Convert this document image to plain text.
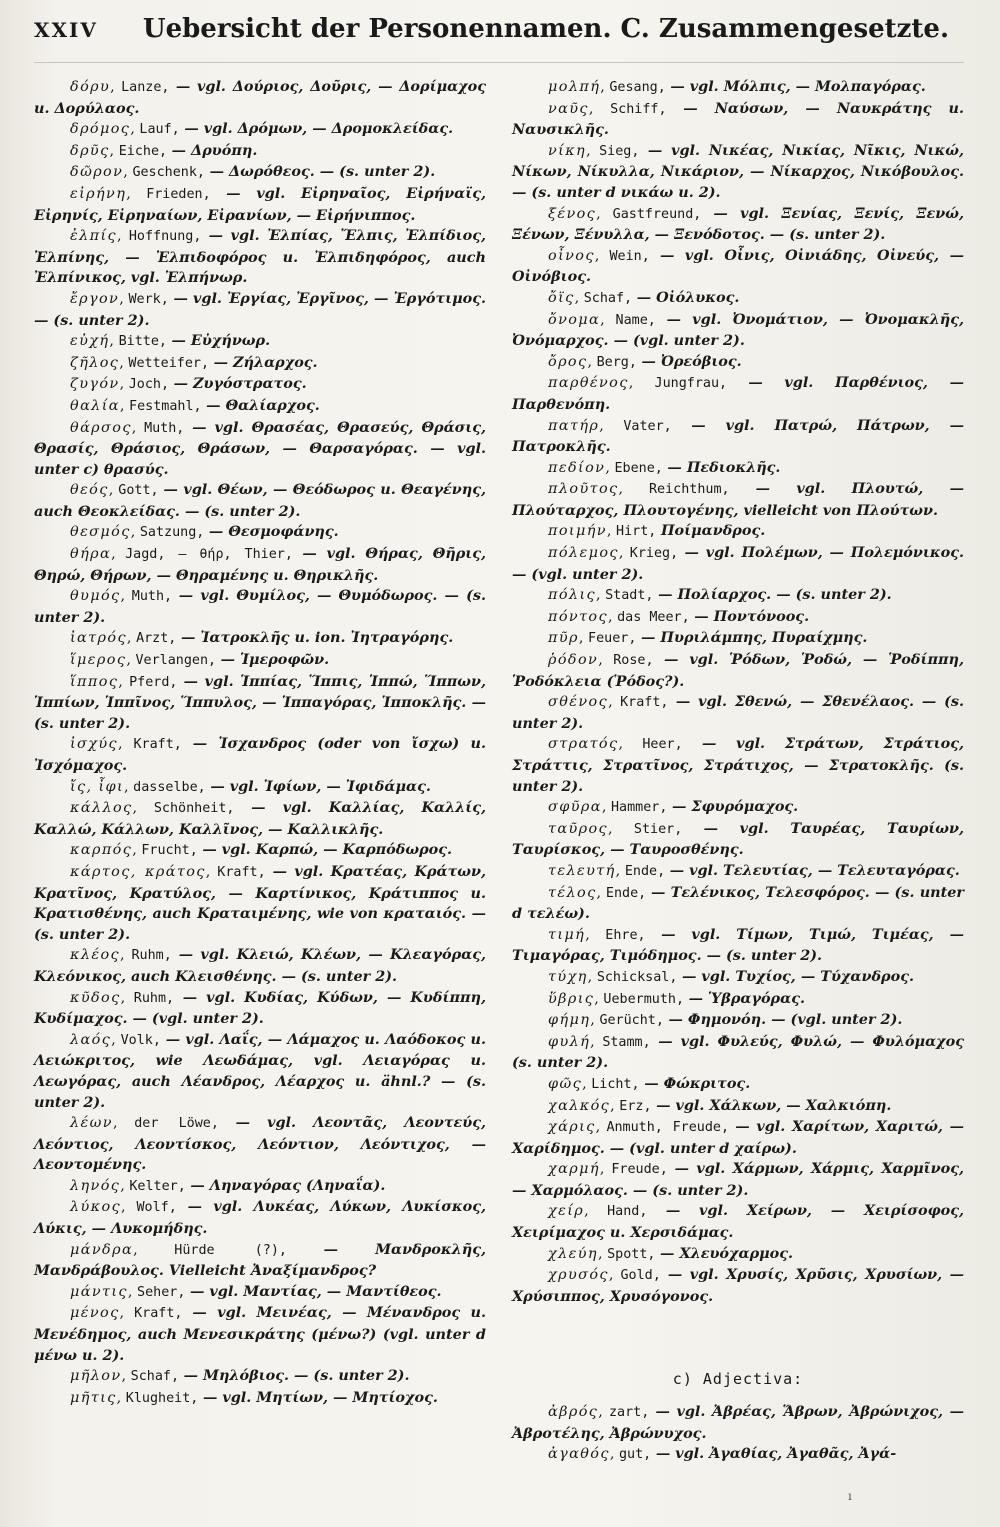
XXIV	Uebersicht der Personennamen. C. Zusammengesetzte.

δόρυ, Lanze, — vgl. Δούριος, Δοῦρις, — Δορίμαχος u. Δορύλαος.

δρόμος, Lauf, — vgl. Δρόμων, — Δρομοκλείδας.

δρῦς, Eiche, — Δρυόπη.

δῶρον, Geschenk, — Δωρόθεος. — (s. unter 2).

εἰρήνη, Frieden, — vgl. Εἰρηναῖος, Εἰρήναϊς, Εἰρηνίς, Εἰρηναίων, Εἰρανίων, — Εἰρήνιππος.

ἐλπίς, Hoffnung, — vgl. Ἐλπίας, Ἔλπις, Ἐλπίδιος, Ἐλπίνης, — Ἐλπιδοφόρος u. Ἐλπιδηφόρος, auch Ἐλπίνικος, vgl. Ἐλπήνωρ.

ἔργον, Werk, — vgl. Ἐργίας, Ἐργῖνος, — Ἐργότιμος. — (s. unter 2).

εὐχή, Bitte, — Εὐχήνωρ.

ζῆλος, Wetteifer, — Ζήλαρχος.

ζυγόν, Joch, — Ζυγόστρατος.

θαλία, Festmahl, — Θαλίαρχος.

θάρσος, Muth, — vgl. Θρασέας, Θρασεύς, Θράσις, Θρασίς, Θράσιος, Θράσων, — Θαρσαγόρας. — vgl. unter c) θρασύς.

θεός, Gott, — vgl. Θέων, — Θεόδωρος u. Θεαγένης, auch Θεοκλείδας. — (s. unter 2).

θεσμός, Satzung, — Θεσμοφάνης.

θήρα, Jagd, — θήρ, Thier, — vgl. Θήρας, Θῆρις, Θηρώ, Θήρων, — Θηραμένης u. Θηρικλῆς.

θυμός, Muth, — vgl. Θυμίλος, — Θυμόδωρος. — (s. unter 2).

ἰατρός, Arzt, — Ἰατροκλῆς u. ion. Ἰητραγόρης.

ἵμερος, Verlangen, — Ἱμεροφῶν.

ἵππος, Pferd, — vgl. Ἱππίας, Ἵππις, Ἱππώ, Ἵππων, Ἱππίων, Ἱππῖνος, Ἵππυλος, — Ἱππαγόρας, Ἱπποκλῆς. — (s. unter 2).

ἰσχύς, Kraft, — Ἰσχανδρος (oder von ἴσχω) u. Ἰσχόμαχος.

ἴς, ἶφι, dasselbe, — vgl. Ἰφίων, — Ἰφιδάμας.

κάλλος, Schönheit, — vgl. Καλλίας, Καλλίς, Καλλώ, Κάλλων, Καλλῖνος, — Καλλικλῆς.

καρπός, Frucht, — vgl. Καρπώ, — Καρπόδωρος.

κάρτος, κράτος, Kraft, — vgl. Κρατέας, Κράτων, Κρατῖνος, Κρατύλος, — Καρτίνικος, Κράτιππος u. Κρατισθένης, auch Κραταιμένης, wie von κραταιός. — (s. unter 2).

κλέος, Ruhm, — vgl. Κλειώ, Κλέων, — Κλεαγόρας, Κλεόνικος, auch Κλεισθένης. — (s. unter 2).

κῦδος, Ruhm, — vgl. Κυδίας, Κύδων, — Κυδίππη, Κυδίμαχος. — (vgl. unter 2).

λαός, Volk, — vgl. Λαΐς, — Λάμαχος u. Λαόδοκος u. Λειώκριτος, wie Λεωδάμας, vgl. Λειαγόρας u. Λεωγόρας, auch Λέανδρος, Λέαρχος u. ähnl.? — (s. unter 2).

λέων, der Löwe, — vgl. Λεοντᾶς, Λεοντεύς, Λεόντιος, Λεοντίσκος, Λεόντιον, Λεόντιχος, — Λεοντομένης.

ληνός, Kelter, — Ληναγόρας (Ληναΐα).

λύκος, Wolf, — vgl. Λυκέας, Λύκων, Λυκίσκος, Λύκις, — Λυκομήδης.

μάνδρα, Hürde (?),	— Μανδροκλῆς, Μανδράβουλος. Vielleicht Ἀναξίμανδρος?

μάντις, Seher, — vgl. Μαντίας, — Μαντίθεος.

μένος, Kraft, — vgl. Μεινέας, — Μένανδρος u. Μενέδημος, auch Μενεσικράτης (μένω?) (vgl. unter d μένω u. 2).

μῆλον, Schaf, — Μηλόβιος. — (s. unter 2).

μῆτις, Klugheit, — vgl. Μητίων, — Μητίοχος.

μολπή, Gesang, — vgl. Μόλπις, — Μολπαγόρας.

ναῦς, Schiff, — Ναύσων, — Ναυκράτης u. Ναυσικλῆς.

νίκη, Sieg, — vgl. Νικέας, Νικίας, Νῖκις, Νικώ, Νίκων, Νίκυλλα, Νικάριον, — Νίκαρχος, Νικόβουλος. — (s. unter d νικάω u. 2).

ξένος, Gastfreund, — vgl. Ξενίας, Ξενίς, Ξενώ, Ξένων, Ξένυλλα, — Ξενόδοτος. — (s. unter 2).

οἶνος, Wein, — vgl. Οἶνις, Οἰνιάδης, Οἰνεύς, — Οἰνόβιος.

ὄϊς, Schaf, — Οἰόλυκος.

ὄνομα, Name, — vgl. Ὀνομάτιον, — Ὀνομακλῆς, Ὀνόμαρχος. — (vgl. unter 2).

ὄρος, Berg, — Ὀρεόβιος.

παρθένος, Jungfrau, — vgl. Παρθένιος, — Παρθενόπη.

πατήρ, Vater, — vgl. Πατρώ, Πάτρων, — Πατροκλῆς.

πεδίον, Ebene, — Πεδιοκλῆς.

πλοῦτος, Reichthum, — vgl. Πλουτώ, — Πλούταρχος, Πλουτογένης, vielleicht von Πλούτων.

ποιμήν, Hirt, Ποίμανδρος.

πόλεμος, Krieg, — vgl. Πολέμων, — Πολεμόνικος. — (vgl. unter 2).

πόλις, Stadt, — Πολίαρχος. — (s. unter 2).

πόντος, das Meer, — Ποντόνοος.

πῦρ, Feuer, — Πυριλάμπης, Πυραίχμης.

ῥόδον, Rose, — vgl. Ῥόδων, Ῥοδώ, — Ῥοδίππη, Ῥοδόκλεια (Ῥόδος?).

σθένος, Kraft, — vgl. Σθενώ, — Σθενέλαος. — (s. unter 2).

στρατός, Heer, — vgl. Στράτων, Στράτιος, Στράττις, Στρατῖνος, Στράτιχος, — Στρατοκλῆς. (s. unter 2).

σφῦρα, Hammer, — Σφυρόμαχος.

ταῦρος, Stier, — vgl. Ταυρέας, Ταυρίων, Ταυρίσκος, — Ταυροσθένης.

τελευτή, Ende, — vgl. Τελευτίας, — Τελευταγόρας.

τέλος, Ende, — Τελένικος, Τελεσφόρος. — (s. unter d τελέω).

τιμή, Ehre, — vgl. Τίμων, Τιμώ, Τιμέας, — Τιμαγόρας, Τιμόδημος. — (s. unter 2).

τύχη, Schicksal, — vgl. Τυχίος, — Τύχανδρος.

ὕβρις, Uebermuth, — Ὑβραγόρας.

φήμη, Gerücht, — Φημονόη. — (vgl. unter 2).

φυλή, Stamm, — vgl. Φυλεύς, Φυλώ, — Φυλόμαχος (s. unter 2).

φῶς, Licht, — Φώκριτος.

χαλκός, Erz, — vgl. Χάλκων, — Χαλκιόπη.

χάρις, Anmuth, Freude, — vgl. Χαρίτων, Χαριτώ, — Χαρίδημος. — (vgl. unter d χαίρω).

χαρμή, Freude, — vgl. Χάρμων, Χάρμις, Χαρμῖνος, — Χαρμόλαος. — (s. unter 2).

χείρ, Hand, — vgl. Χείρων, — Χειρίσοφος, Χειρίμαχος u. Χερσιδάμας.

χλεύη, Spott, — Χλευόχαρμος.

χρυσός, Gold, — vgl. Χρυσίς, Χρῦσις, Χρυσίων, — Χρύσιππος, Χρυσόγονος.

c) Adjectiva:

ἀβρός, zart, — vgl. Ἀβρέας, Ἅβρων, Ἀβρώνιχος, — Ἀβροτέλης, Ἀβρώνυχος.

ἀγαθός, gut, — vgl. Ἀγαθίας, Ἀγαθᾶς, Ἀγά-

ı
